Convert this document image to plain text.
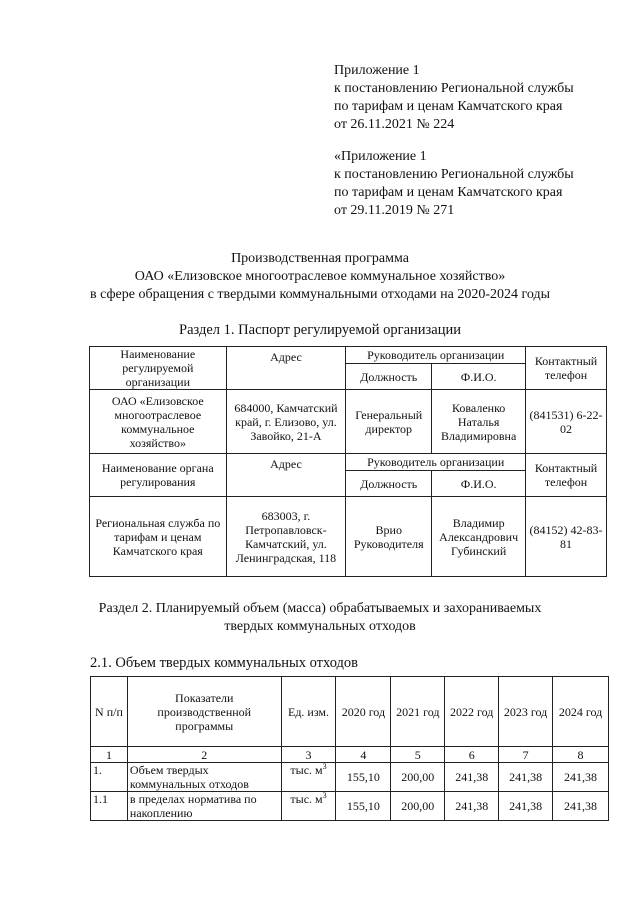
Приложение 1
к постановлению Региональной службы
по тарифам и ценам Камчатского края
от 26.11.2021 № 224
«Приложение 1
к постановлению Региональной службы
по тарифам и ценам Камчатского края
от 29.11.2019 № 271
Производственная программа
ОАО «Елизовское многоотраслевое коммунальное хозяйство»
в сфере обращения с твердыми коммунальными отходами на 2020-2024 годы
Раздел 1. Паспорт регулируемой организации
Наименование регулируемой организации	Адрес	Руководитель организации		Контактный телефон
		Должность	Ф.И.О.	
ОАО «Елизовское многоотраслевое коммунальное хозяйство»	684000, Камчатский край, г. Елизово, ул. Завойко, 21-А	Генеральный директор	Коваленко Наталья Владимировна	(841531) 6-22-02
Наименование органа регулирования	Адрес	Руководитель организации		Контактный телефон
		Должность	Ф.И.О.	
Региональная служба по тарифам и ценам Камчатского края	683003, г. Петропавловск-Камчатский, ул. Ленинградская, 118	Врио Руководителя	Владимир Александрович Губинский	(84152) 42-83-81
Раздел 2. Планируемый объем (масса) обрабатываемых и захораниваемых
твердых коммунальных отходов
2.1. Объем твердых коммунальных отходов
N п/п	Показатели производственной программы	Ед. изм.	2020 год	2021 год	2022 год	2023 год	2024 год
1	2	3	4	5	6	7	8
1.	Объем твердых коммунальных отходов	тыс. $м^3$	155,10	200,00	241,38	241,38	241,38
1.1	в пределах норматива по накоплению	тыс. $м^3$	155,10	200,00	241,38	241,38	241,38
